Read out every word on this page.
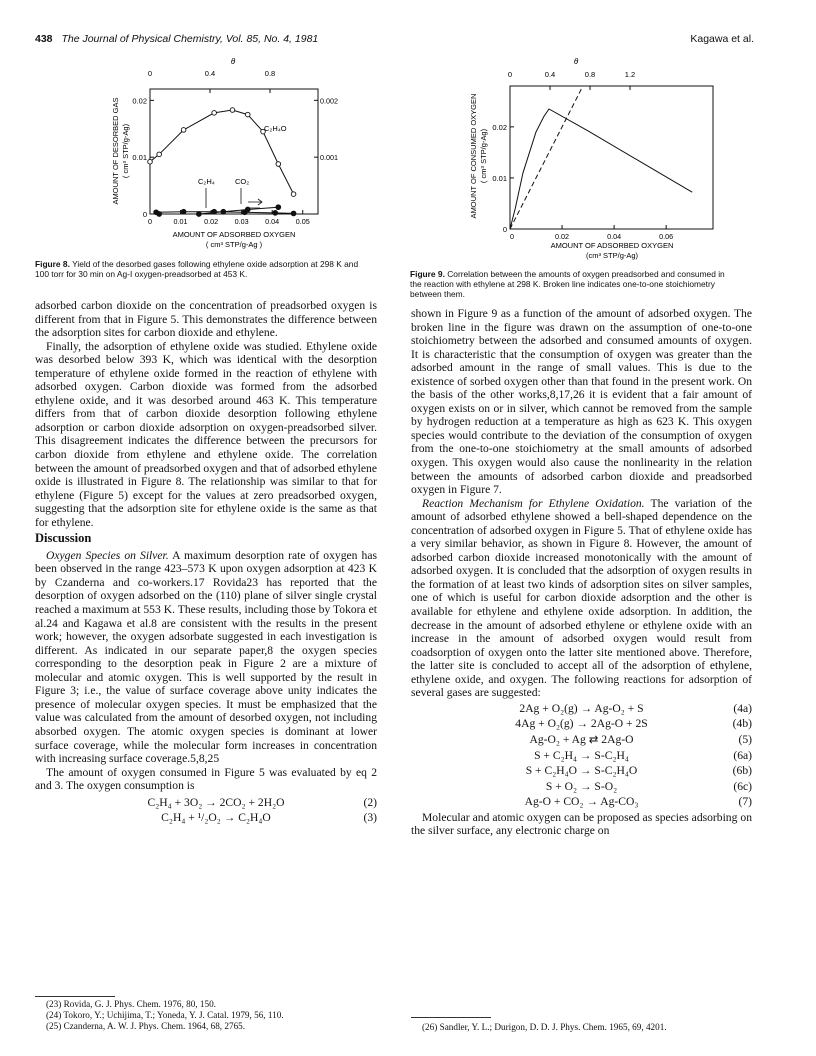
438 The Journal of Physical Chemistry, Vol. 85, No. 4, 1981	Kagawa et al.
θ
0	0.4	0.8
0	0.01 0.02 0.03 0.04 0.05
0
0.01
0.02
0.001
0.002
AMOUNT OF ADSORBED OXYGEN
( cm³ STP/g-Ag )
AMOUNT OF DESORBED GAS ( cm³ STP/g-Ag)	C₂H₄O
C₂H₄	CO₂
Figure 8. Yield of the desorbed gases following ethylene oxide adsorption at 298 K and 100 torr for 30 min on Ag-I oxygen-preadsorbed at 453 K.
θ
0	0.4	0.8	1.2
0	0.02	0.04	0.06
0
0.01
0.02
AMOUNT OF ADSORBED OXYGEN
(cm³ STP/g-Ag)
AMOUNT OF CONSUMED OXYGEN ( cm³ STP/g-Ag)
Figure 9. Correlation between the amounts of oxygen preadsorbed and consumed in the reaction with ethylene at 298 K. Broken line indicates one-to-one stoichiometry between them.

adsorbed carbon dioxide on the concentration of preadsorbed oxygen is different from that in Figure 5. This demonstrates the difference between the adsorption sites for carbon dioxide and ethylene.

Finally, the adsorption of ethylene oxide was studied. Ethylene oxide was desorbed below 393 K, which was identical with the desorption temperature of ethylene oxide formed in the reaction of ethylene with adsorbed oxygen. Carbon dioxide was formed from the adsorbed ethylene oxide, and it was desorbed around 463 K. This temperature differs from that of carbon dioxide desorption following ethylene adsorption or carbon dioxide adsorption on oxygen-preadsorbed silver. This disagreement indicates the difference between the precursors for carbon dioxide from ethylene and ethylene oxide. The correlation between the amount of preadsorbed oxygen and that of adsorbed ethylene oxide is illustrated in Figure 8. The relationship was similar to that for ethylene (Figure 5) except for the values at zero preadsorbed oxygen, suggesting that the adsorption site for ethylene oxide is the same as that for ethylene.

Discussion

Oxygen Species on Silver. A maximum desorption rate of oxygen has been observed in the range 423–573 K upon oxygen adsorption at 423 K by Czanderna and co-workers.17 Rovida23 has reported that the desorption of oxygen adsorbed on the (110) plane of silver single crystal reached a maximum at 553 K. These results, including those by Tokora et al.24 and Kagawa et al.8 are consistent with the results in the present work; however, the oxygen adsorbate suggested in each investigation is different. As indicated in our separate paper,8 the oxygen species corresponding to the desorption peak in Figure 2 are a mixture of molecular and atomic oxygen. This is well supported by the result in Figure 3; i.e., the value of surface coverage above unity indicates the presence of molecular oxygen species. It must be emphasized that the value was calculated from the amount of desorbed oxygen, not including absorbed oxygen. The atomic oxygen species is dominant at lower surface coverage, while the molecular form increases in concentration with increasing surface coverage.5,8,25

The amount of oxygen consumed in Figure 5 was evaluated by eq 2 and 3. The oxygen consumption is

C₂H₄ + 3O₂ → 2CO₂ + 2H₂O	(2)
C₂H₄ + ¹/₂O₂ → C₂H₄O	(3)

shown in Figure 9 as a function of the amount of adsorbed oxygen. The broken line in the figure was drawn on the assumption of one-to-one stoichiometry between the adsorbed and consumed amounts of oxygen. It is characteristic that the consumption of oxygen was greater than the adsorbed amount in the range of small values. This is due to the existence of sorbed oxygen other than that found in the present work. On the basis of the other works,8,17,26 it is evident that a fair amount of oxygen exists on or in silver, which cannot be removed from the sample by hydrogen reduction at a temperature as high as 623 K. This oxygen species would contribute to the deviation of the consumption of oxygen from the one-to-one stoichiometry at the small amounts of adsorbed oxygen. This oxygen would also cause the nonlinearity in the relation between the amounts of adsorbed carbon dioxide and preadsorbed oxygen in Figure 7.

Reaction Mechanism for Ethylene Oxidation. The variation of the amount of adsorbed ethylene showed a bell-shaped dependence on the concentration of adsorbed oxygen in Figure 5. That of ethylene oxide has a very similar behavior, as shown in Figure 8. However, the amount of adsorbed carbon dioxide increased monotonically with the amount of adsorbed oxygen. It is concluded that the adsorption of oxygen results in the formation of at least two kinds of adsorption sites on silver samples, one of which is useful for carbon dioxide adsorption and the other is available for ethylene and ethylene oxide adsorption. In addition, the decrease in the amount of adsorbed ethylene or ethylene oxide with an increase in the amount of adsorbed oxygen would result from coadsorption of oxygen onto the latter site mentioned above. Therefore, the latter site is concluded to accept all of the adsorption of ethylene, ethylene oxide, and oxygen. The following reactions for adsorption of several gases are suggested:

2Ag + O₂(g) → Ag-O₂ + S	(4a)
4Ag + O₂(g) → 2Ag-O + 2S	(4b)
Ag-O₂ + Ag ⇄ 2Ag-O	(5)
S + C₂H₄ → S-C₂H₄	(6a)
S + C₂H₄O → S-C₂H₄O	(6b)
S + O₂ → S-O₂	(6c)
Ag-O + CO₂ → Ag-CO₃	(7)

Molecular and atomic oxygen can be proposed as species adsorbing on the silver surface, any electronic charge on

(23) Rovida, G. J. Phys. Chem. 1976, 80, 150.
(24) Tokoro, Y.; Uchijima, T.; Yoneda, Y. J. Catal. 1979, 56, 110.
(25) Czanderna, A. W. J. Phys. Chem. 1964, 68, 2765.	(26) Sandler, Y. L.; Durigon, D. D. J. Phys. Chem. 1965, 69, 4201.
